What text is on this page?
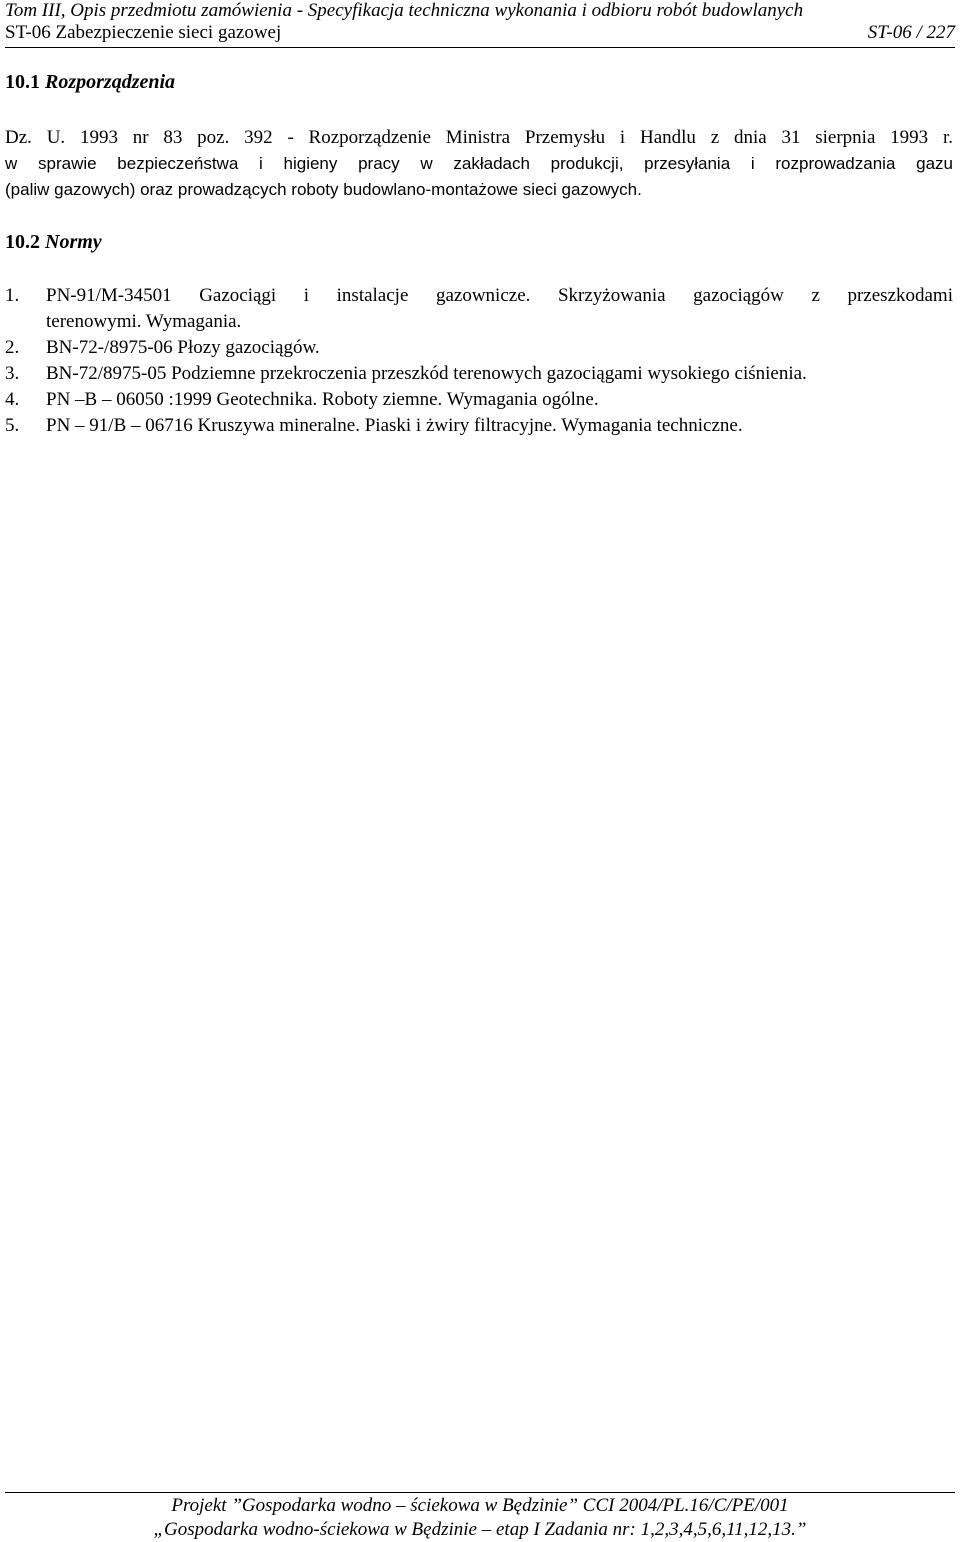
Tom III, Opis przedmiotu zamówienia - Specyfikacja techniczna wykonania i odbioru robót budowlanych
ST-06 Zabezpieczenie sieci gazowej	ST-06 / 227
10.1 Rozporządzenia
Dz. U. 1993 nr 83 poz. 392 - Rozporządzenie Ministra Przemysłu i Handlu z dnia 31 sierpnia 1993 r.
w sprawie bezpieczeństwa i higieny pracy w zakładach produkcji, przesyłania i rozprowadzania gazu
(paliw gazowych) oraz prowadzących roboty budowlano-montażowe sieci gazowych.
10.2 Normy
1.	PN-91/M-34501 Gazociągi i instalacje gazownicze. Skrzyżowania gazociągów z przeszkodami
terenowymi. Wymagania.
2.	BN-72-/8975-06 Płozy gazociągów.
3.	BN-72/8975-05 Podziemne przekroczenia przeszkód terenowych gazociągami wysokiego ciśnienia.
4.	PN –B – 06050 :1999 Geotechnika. Roboty ziemne. Wymagania ogólne.
5.	PN – 91/B – 06716 Kruszywa mineralne. Piaski i żwiry filtracyjne. Wymagania techniczne.
Projekt ”Gospodarka wodno – ściekowa w Będzinie” CCI 2004/PL.16/C/PE/001
„Gospodarka wodno-ściekowa w Będzinie – etap I Zadania nr: 1,2,3,4,5,6,11,12,13.”
